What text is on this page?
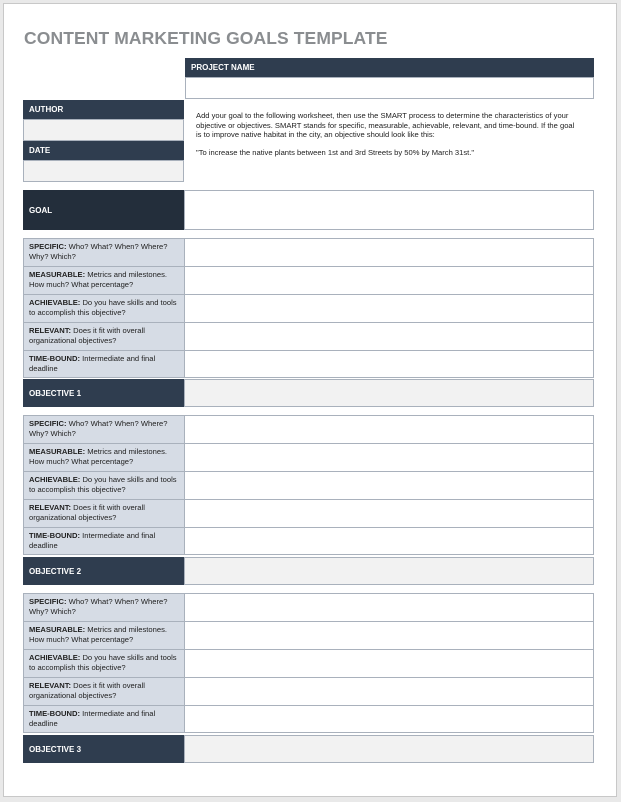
CONTENT MARKETING GOALS TEMPLATE
PROJECT NAME
AUTHOR
DATE

Add your goal to the following worksheet, then use the SMART process to determine the characteristics of your objective or objectives. SMART stands for specific, measurable, achievable, relevant, and time-bound. If the goal is to improve native habitat in the city, an objective should look like this:

"To increase the native plants between 1st and 3rd Streets by 50% by March 31st."

GOAL
SPECIFIC: Who? What? When? Where? Why? Which?
MEASURABLE: Metrics and milestones. How much? What percentage?
ACHIEVABLE: Do you have skills and tools to accomplish this objective?
RELEVANT: Does it fit with overall organizational objectives?
TIME-BOUND: Intermediate and final deadline
OBJECTIVE 1
SPECIFIC: Who? What? When? Where? Why? Which?
MEASURABLE: Metrics and milestones. How much? What percentage?
ACHIEVABLE: Do you have skills and tools to accomplish this objective?
RELEVANT: Does it fit with overall organizational objectives?
TIME-BOUND: Intermediate and final deadline
OBJECTIVE 2
SPECIFIC: Who? What? When? Where? Why? Which?
MEASURABLE: Metrics and milestones. How much? What percentage?
ACHIEVABLE: Do you have skills and tools to accomplish this objective?
RELEVANT: Does it fit with overall organizational objectives?
TIME-BOUND: Intermediate and final deadline
OBJECTIVE 3
